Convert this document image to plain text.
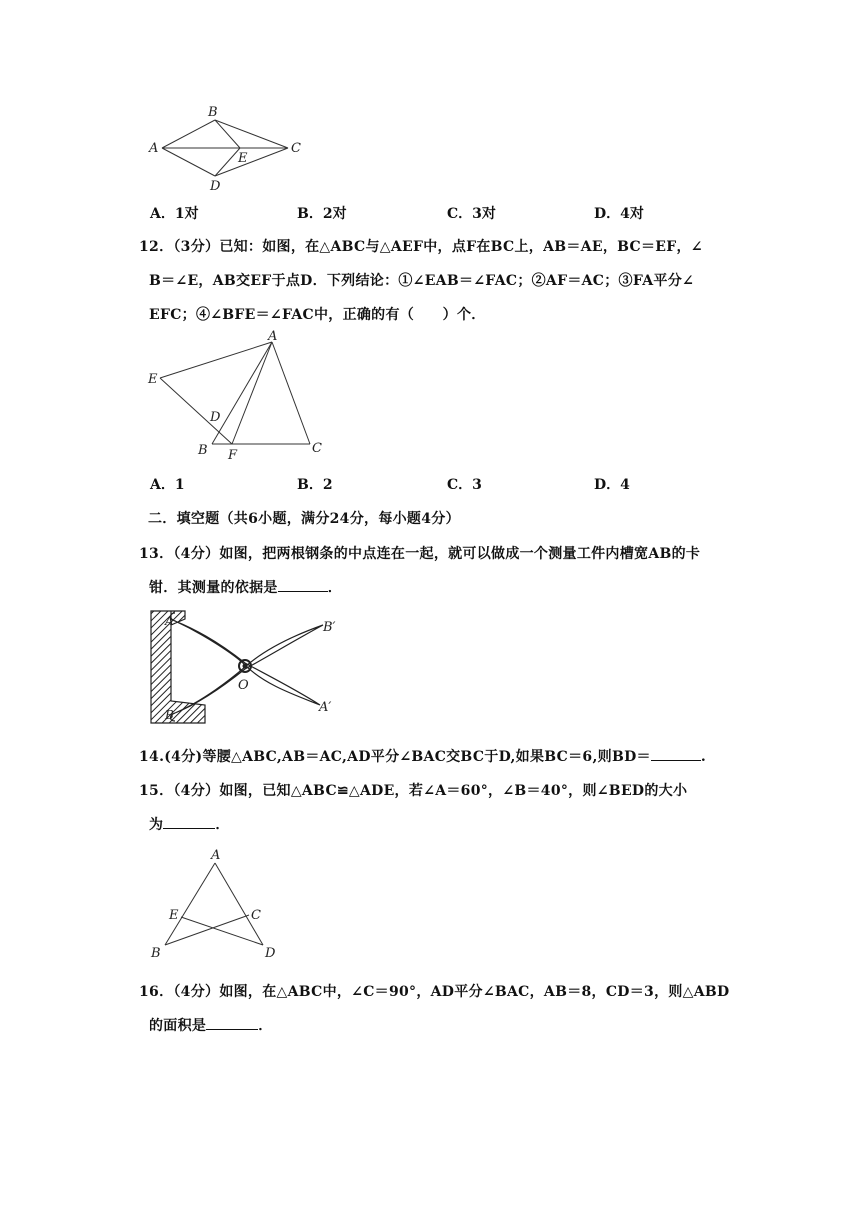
A
B
C
D
E
A．1对	B．2对	C．3对	D．4对
12．（3分）已知：如图，在△ABC与△AEF中，点F在BC上，AB＝AE，BC＝EF，∠
B＝∠E，AB交EF于点D．下列结论：①∠EAB＝∠FAC；②AF＝AC；③FA平分∠
EFC；④∠BFE＝∠FAC中，正确的有（　　）个．
A
E
D
B F	C
A．1	B．2	C．3	D．4
二．填空题（共6小题，满分24分，每小题4分）
13．（4分）如图，把两根钢条的中点连在一起，就可以做成一个测量工件内槽宽AB的卡
钳．其测量的依据是	．
A
B
B′
A′
O
14.(4分)等腰△ABC,AB＝AC,AD平分∠BAC交BC于D,如果BC＝6,则BD＝	.
15．（4分）如图，已知△ABC≌△ADE，若∠A＝60°，∠B＝40°，则∠BED的大小
为	．
A
E	C
B	D
16．（4分）如图，在△ABC中，∠C＝90°，AD平分∠BAC，AB＝8，CD＝3，则△ABD
的面积是	．
